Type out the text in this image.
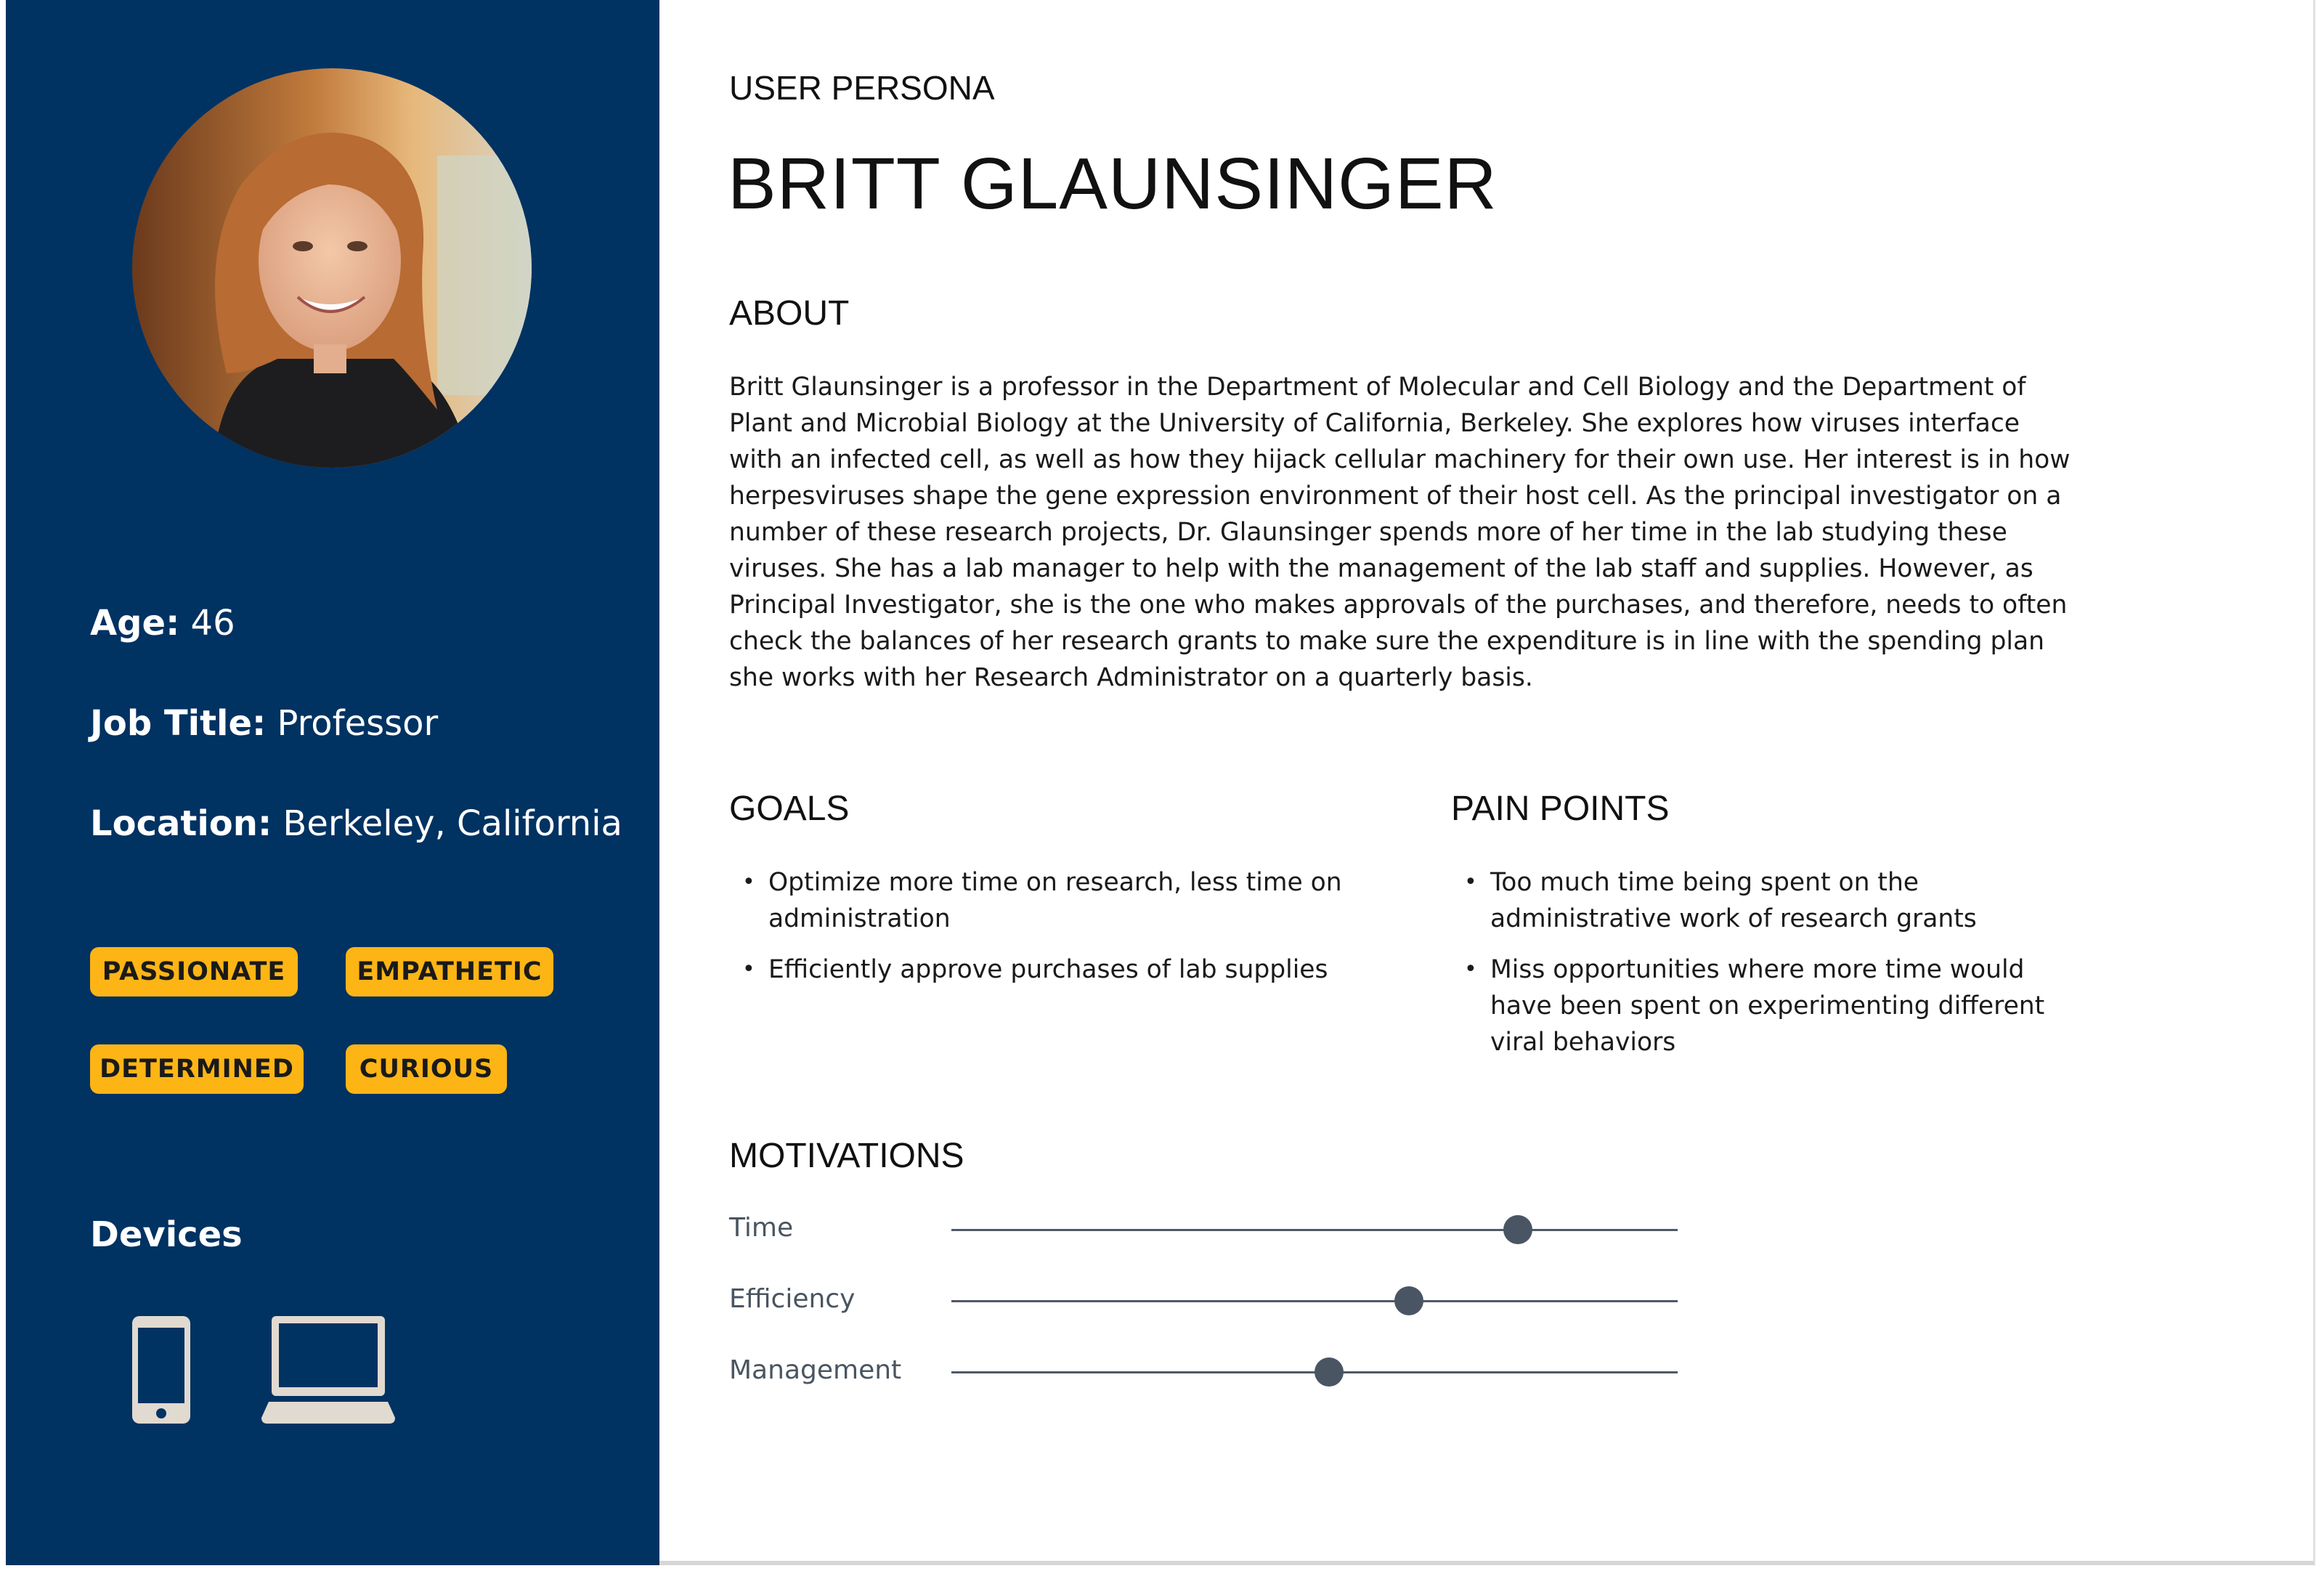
Age: 46
Job Title: Professor
Location: Berkeley, California
PASSIONATE	EMPATHETIC
DETERMINED	CURIOUS
Devices
USER PERSONA
BRITT GLAUNSINGER
ABOUT
Britt Glaunsinger is a professor in the Department of Molecular and Cell Biology and the Department of Plant and Microbial Biology at the University of California, Berkeley. She explores how viruses interface with an infected cell, as well as how they hijack cellular machinery for their own use. Her interest is in how herpesviruses shape the gene expression environment of their host cell. As the principal investigator on a number of these research projects, Dr. Glaunsinger spends more of her time in the lab studying these viruses. She has a lab manager to help with the management of the lab staff and supplies. However, as Principal Investigator, she is the one who makes approvals of the purchases, and therefore, needs to often check the balances of her research grants to make sure the expenditure is in line with the spending plan she works with her Research Administrator on a quarterly basis.
GOALS
• Optimize more time on research, less time on administration
• Efficiently approve purchases of lab supplies
PAIN POINTS
• Too much time being spent on the administrative work of research grants
• Miss opportunities where more time would have been spent on experimenting different viral behaviors
MOTIVATIONS
Time
Efficiency
Management
